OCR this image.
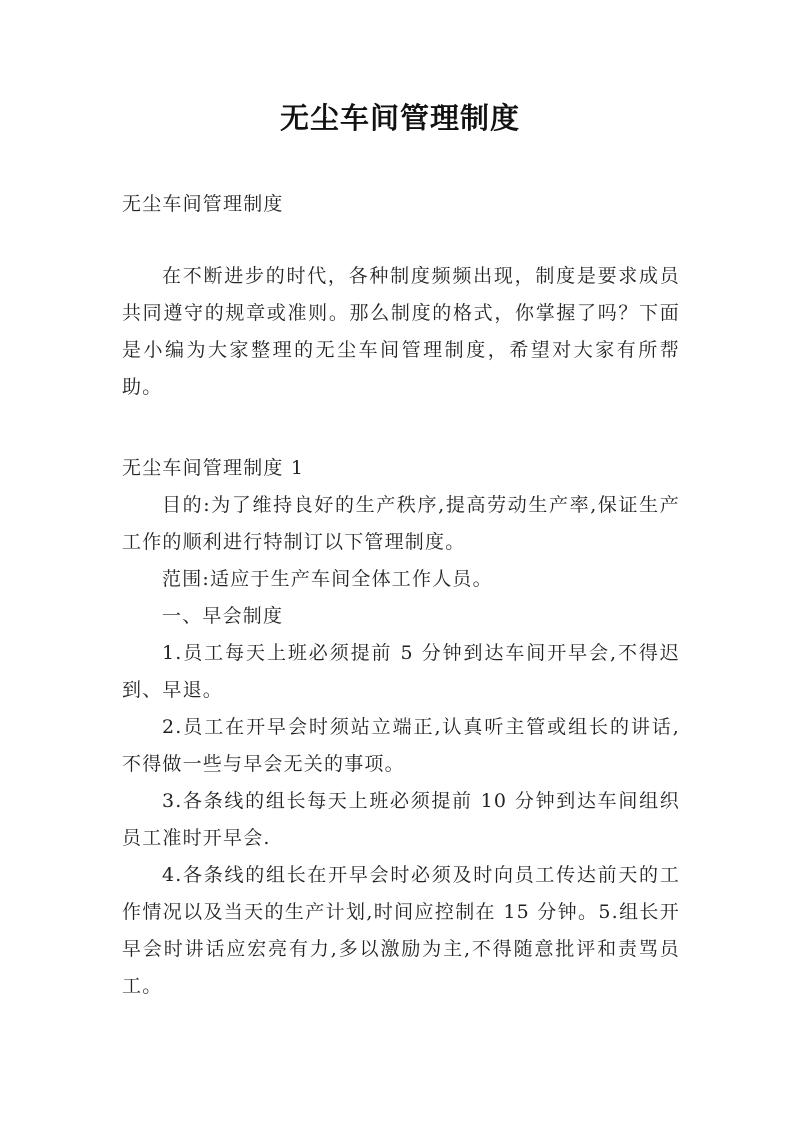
无尘车间管理制度

无尘车间管理制度

在不断进步的时代，各种制度频频出现，制度是要求成员共同遵守的规章或准则。那么制度的格式，你掌握了吗？下面是小编为大家整理的无尘车间管理制度，希望对大家有所帮助。

无尘车间管理制度 1

目的:为了维持良好的生产秩序,提高劳动生产率,保证生产工作的顺利进行特制订以下管理制度。

范围:适应于生产车间全体工作人员。

一、早会制度

1.员工每天上班必须提前 5 分钟到达车间开早会,不得迟到、早退。

2.员工在开早会时须站立端正,认真听主管或组长的讲话,不得做一些与早会无关的事项。

3.各条线的组长每天上班必须提前 10 分钟到达车间组织员工准时开早会.

4.各条线的组长在开早会时必须及时向员工传达前天的工作情况以及当天的生产计划,时间应控制在 15 分钟。5.组长开早会时讲话应宏亮有力,多以激励为主,不得随意批评和责骂员工。
